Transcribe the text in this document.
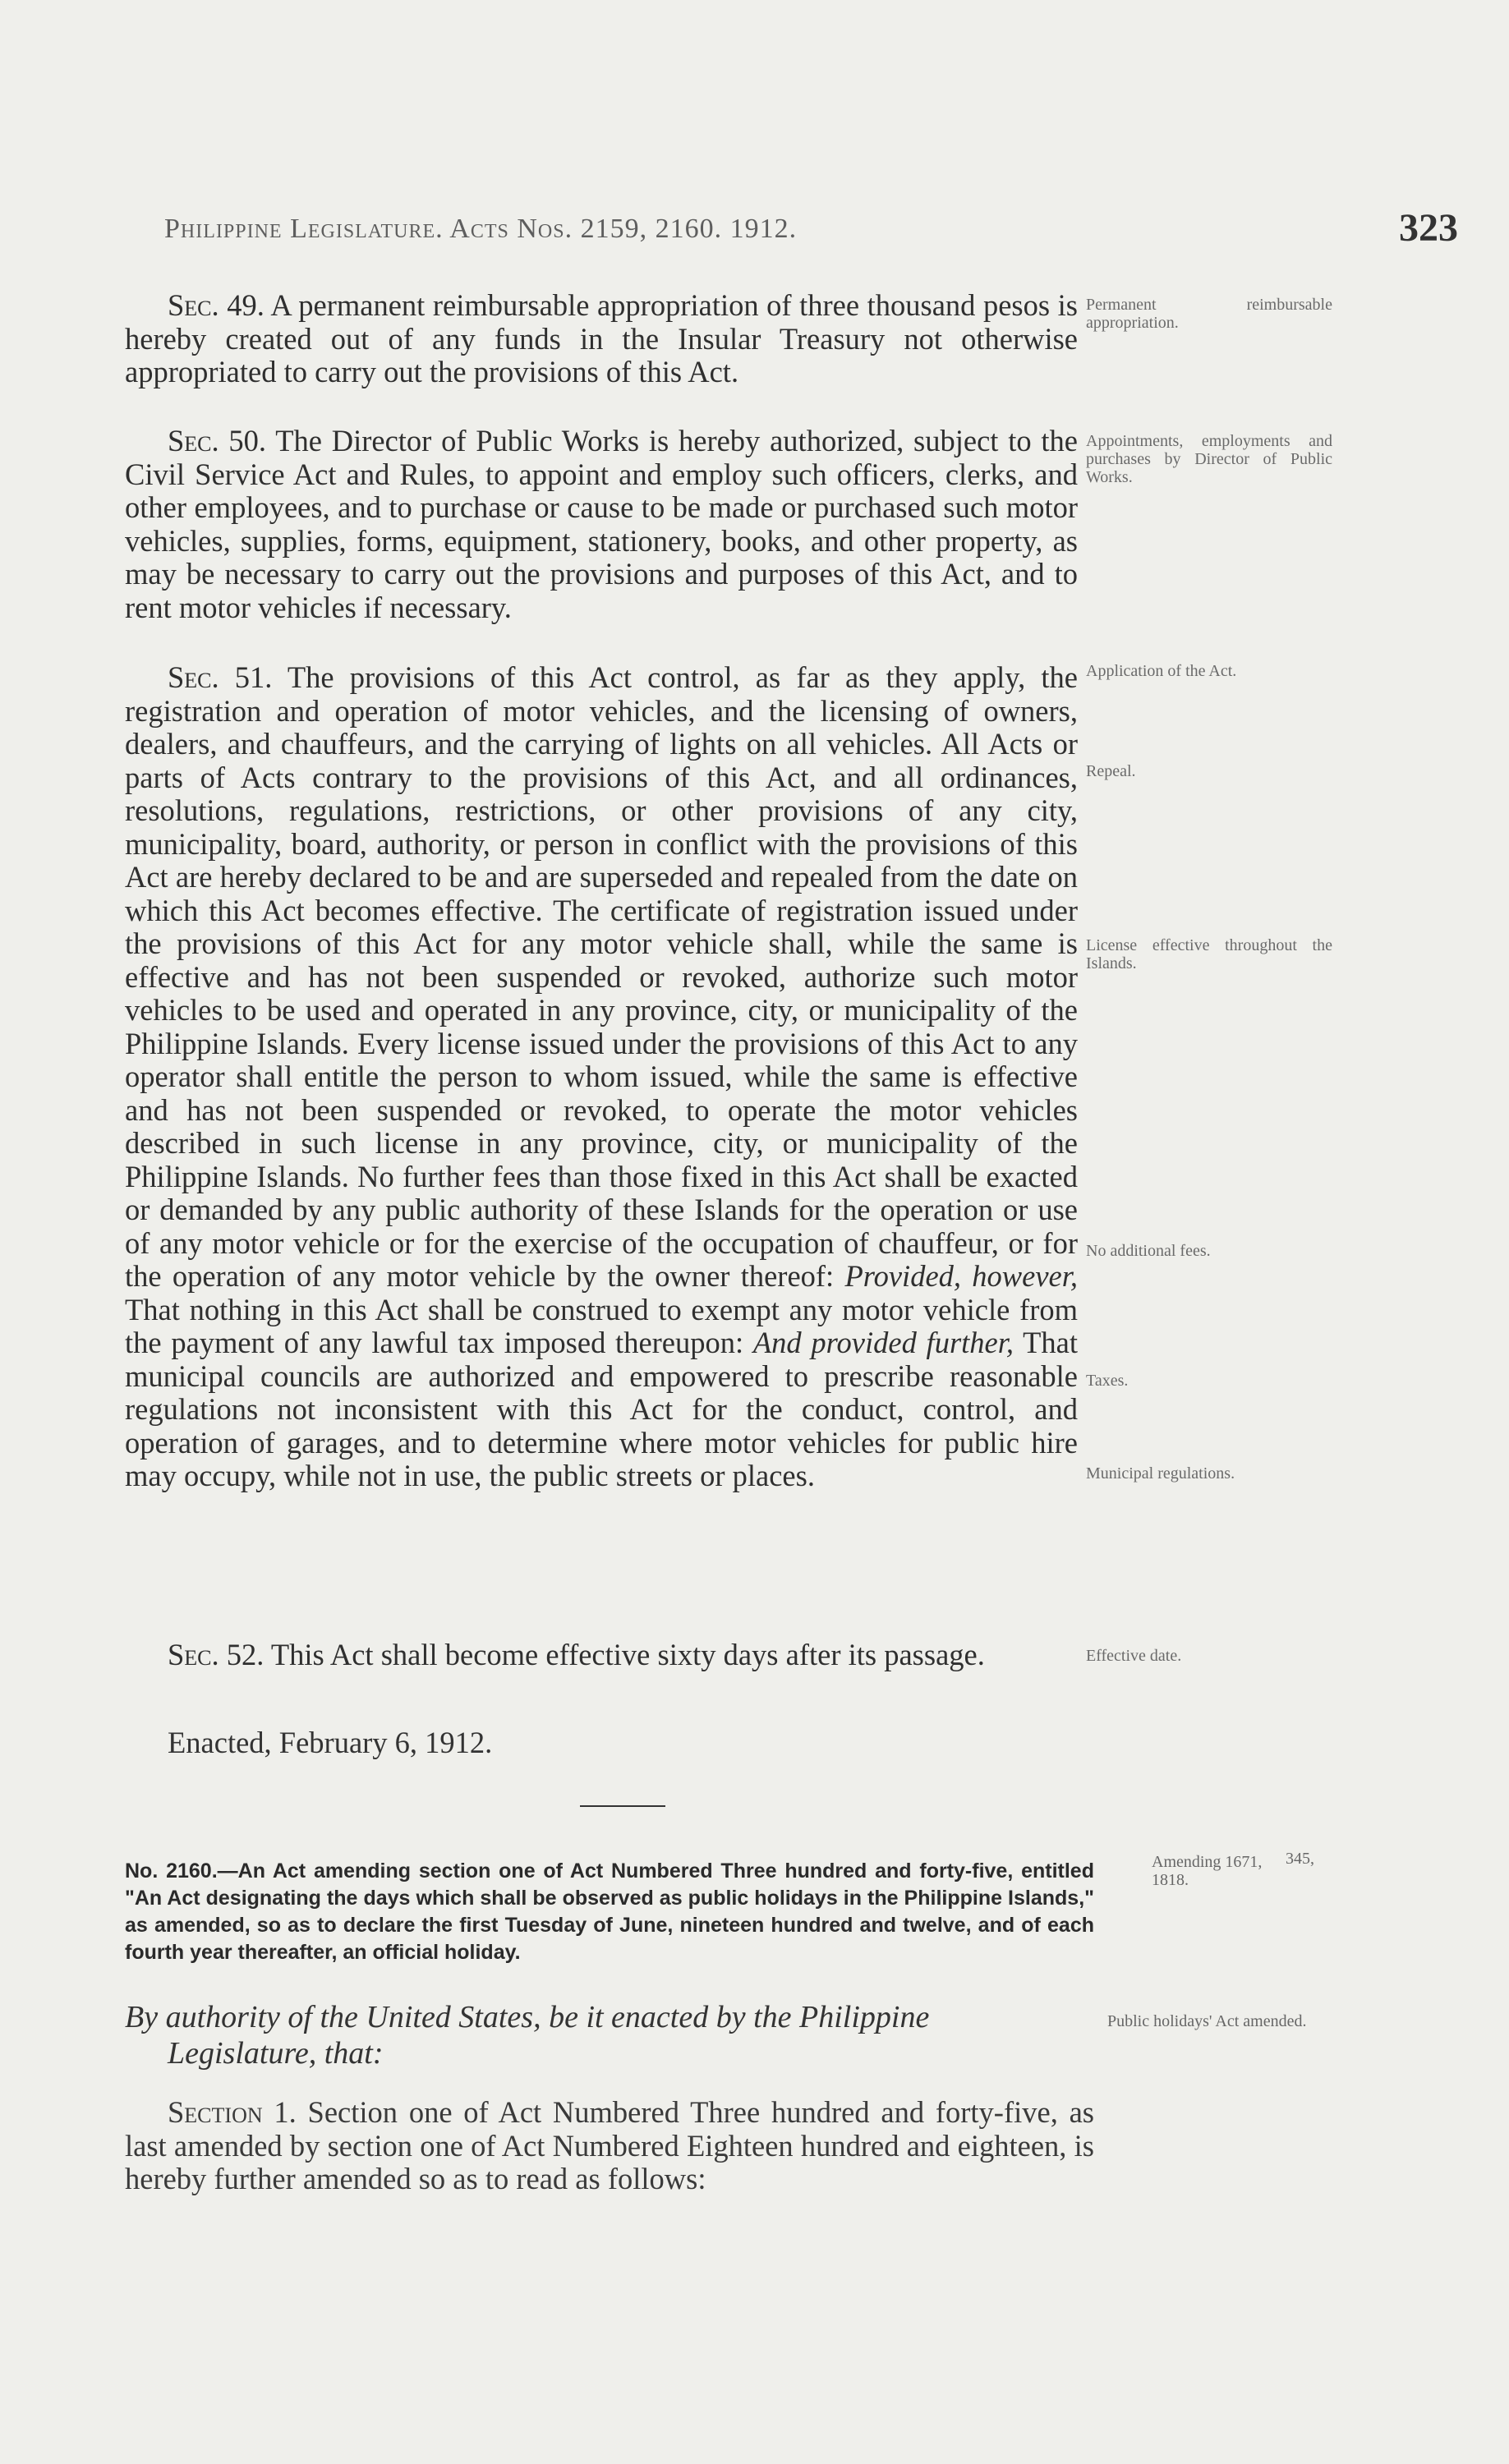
Philippine Legislature. Acts Nos. 2159, 2160. 1912.	323

Sec. 49. A permanent reimbursable appropriation of three thousand pesos is hereby created out of any funds in the Insular Treasury not otherwise appropriated to carry out the provisions of this Act.

Permanent reimbursable appropriation.

Sec. 50. The Director of Public Works is hereby authorized, subject to the Civil Service Act and Rules, to appoint and employ such officers, clerks, and other employees, and to purchase or cause to be made or purchased such motor vehicles, supplies, forms, equipment, stationery, books, and other property, as may be necessary to carry out the provisions and purposes of this Act, and to rent motor vehicles if necessary.

Appointments, employments and purchases by Director of Public Works.

Sec. 51. The provisions of this Act control, as far as they apply, the registration and operation of motor vehicles, and the licensing of owners, dealers, and chauffeurs, and the carrying of lights on all vehicles. All Acts or parts of Acts contrary to the provisions of this Act, and all ordinances, resolutions, regulations, restrictions, or other provisions of any city, municipality, board, authority, or person in conflict with the provisions of this Act are hereby declared to be and are superseded and repealed from the date on which this Act becomes effective. The certificate of registration issued under the provisions of this Act for any motor vehicle shall, while the same is effective and has not been suspended or revoked, authorize such motor vehicles to be used and operated in any province, city, or municipality of the Philippine Islands. Every license issued under the provisions of this Act to any operator shall entitle the person to whom issued, while the same is effective and has not been suspended or revoked, to operate the motor vehicles described in such license in any province, city, or municipality of the Philippine Islands. No further fees than those fixed in this Act shall be exacted or demanded by any public authority of these Islands for the operation or use of any motor vehicle or for the exercise of the occupation of chauffeur, or for the operation of any motor vehicle by the owner thereof: Provided, however, That nothing in this Act shall be construed to exempt any motor vehicle from the payment of any lawful tax imposed thereupon: And provided further, That municipal councils are authorized and empowered to prescribe reasonable regulations not inconsistent with this Act for the conduct, control, and operation of garages, and to determine where motor vehicles for public hire may occupy, while not in use, the public streets or places.

Application of the Act.
Repeal.
License effective throughout the Islands.
No additional fees.
Taxes.
Municipal regulations.

Sec. 52. This Act shall become effective sixty days after its passage.	Effective date.
Enacted, February 6, 1912.
No. 2160.—An Act amending section one of Act Numbered Three hundred and forty-five, entitled "An Act designating the days which shall be observed as public holidays in the Philippine Islands," as amended, so as to declare the first Tuesday of June, nineteen hundred and twelve, and of each fourth year thereafter, an official holiday.
Amending 1671, 1818.
345,
By authority of the United States, be it enacted by the Philippine
Legislature, that:
Public holidays' Act amended.

Section 1. Section one of Act Numbered Three hundred and forty-five, as last amended by section one of Act Numbered Eighteen hundred and eighteen, is hereby further amended so as to read as follows:
